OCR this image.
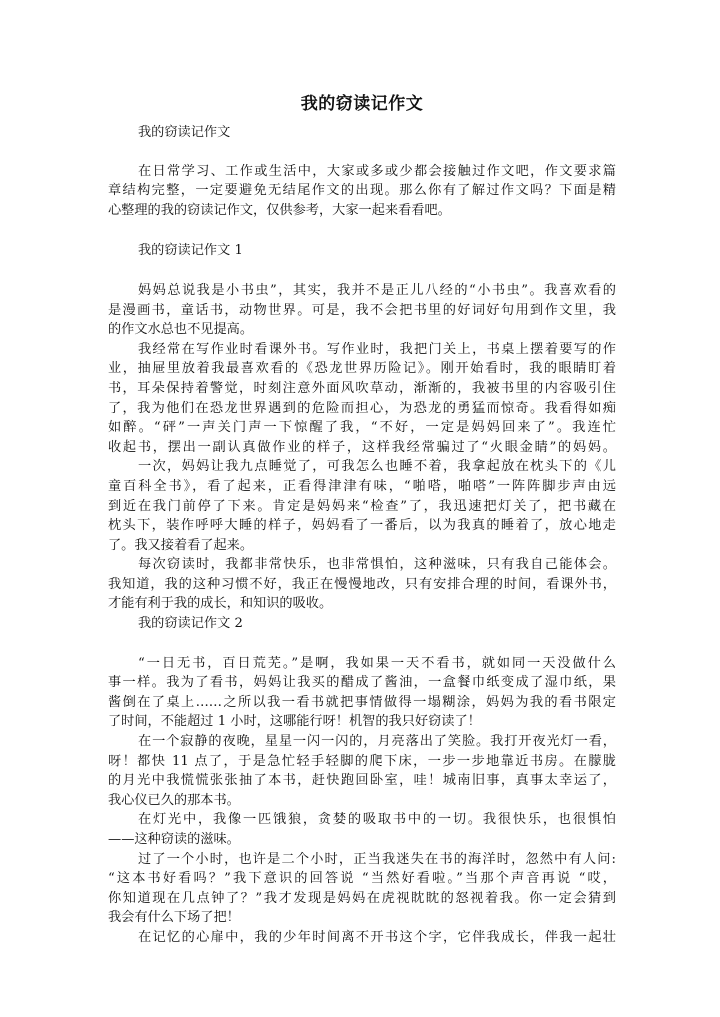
我的窃读记作文

我的窃读记作文

在日常学习、工作或生活中，大家或多或少都会接触过作文吧，作文要求篇

章结构完整，一定要避免无结尾作文的出现。那么你有了解过作文吗？下面是精

心整理的我的窃读记作文，仅供参考，大家一起来看看吧。

我的窃读记作文 1

妈妈总说我是小书虫”，其实，我并不是正儿八经的“小书虫”。我喜欢看的

是漫画书，童话书，动物世界。可是，我不会把书里的好词好句用到作文里，我

的作文水总也不见提高。

我经常在写作业时看课外书。写作业时，我把门关上，书桌上摆着要写的作

业，抽屉里放着我最喜欢看的《恐龙世界历险记》。刚开始看时，我的眼睛盯着

书，耳朵保持着警觉，时刻注意外面风吹草动，渐渐的，我被书里的内容吸引住

了，我为他们在恐龙世界遇到的危险而担心，为恐龙的勇猛而惊奇。我看得如痴

如醉。“砰”一声关门声一下惊醒了我，“不好，一定是妈妈回来了”。我连忙

收起书，摆出一副认真做作业的样子，这样我经常骗过了“火眼金睛”的妈妈。

一次，妈妈让我九点睡觉了，可我怎么也睡不着，我拿起放在枕头下的《儿

童百科全书》，看了起来，正看得津津有味，“啪嗒，啪嗒”一阵阵脚步声由远

到近在我门前停了下来。肯定是妈妈来“检查”了，我迅速把灯关了，把书藏在

枕头下，装作呼呼大睡的样子，妈妈看了一番后，以为我真的睡着了，放心地走

了。我又接着看了起来。

每次窃读时，我都非常快乐，也非常惧怕，这种滋味，只有我自己能体会。

我知道，我的这种习惯不好，我正在慢慢地改，只有安排合理的时间，看课外书，

才能有利于我的成长，和知识的吸收。

我的窃读记作文 2

“一日无书，百日荒芜。”是啊，我如果一天不看书，就如同一天没做什么

事一样。我为了看书，妈妈让我买的醋成了酱油，一盒餐巾纸变成了湿巾纸，果

酱倒在了桌上……之所以我一看书就把事情做得一塌糊涂，妈妈为我的看书限定

了时间，不能超过 1 小时，这哪能行呀！机智的我只好窃读了！

在一个寂静的夜晚，星星一闪一闪的，月亮落出了笑脸。我打开夜光灯一看，

呀！都快 11 点了，于是急忙轻手轻脚的爬下床，一步一步地靠近书房。在朦胧

的月光中我慌慌张张抽了本书，赶快跑回卧室，哇！城南旧事，真事太幸运了，

我心仪已久的那本书。

在灯光中，我像一匹饿狼，贪婪的吸取书中的一切。我很快乐，也很惧怕

——这种窃读的滋味。

过了一个小时，也许是二个小时，正当我迷失在书的海洋时，忽然中有人问:

“这本书好看吗？”我下意识的回答说 “当然好看啦。”当那个声音再说 “哎，

你知道现在几点钟了？”我才发现是妈妈在虎视眈眈的怒视着我。你一定会猜到

我会有什么下场了把！

在记忆的心扉中，我的少年时间离不开书这个字，它伴我成长，伴我一起壮
